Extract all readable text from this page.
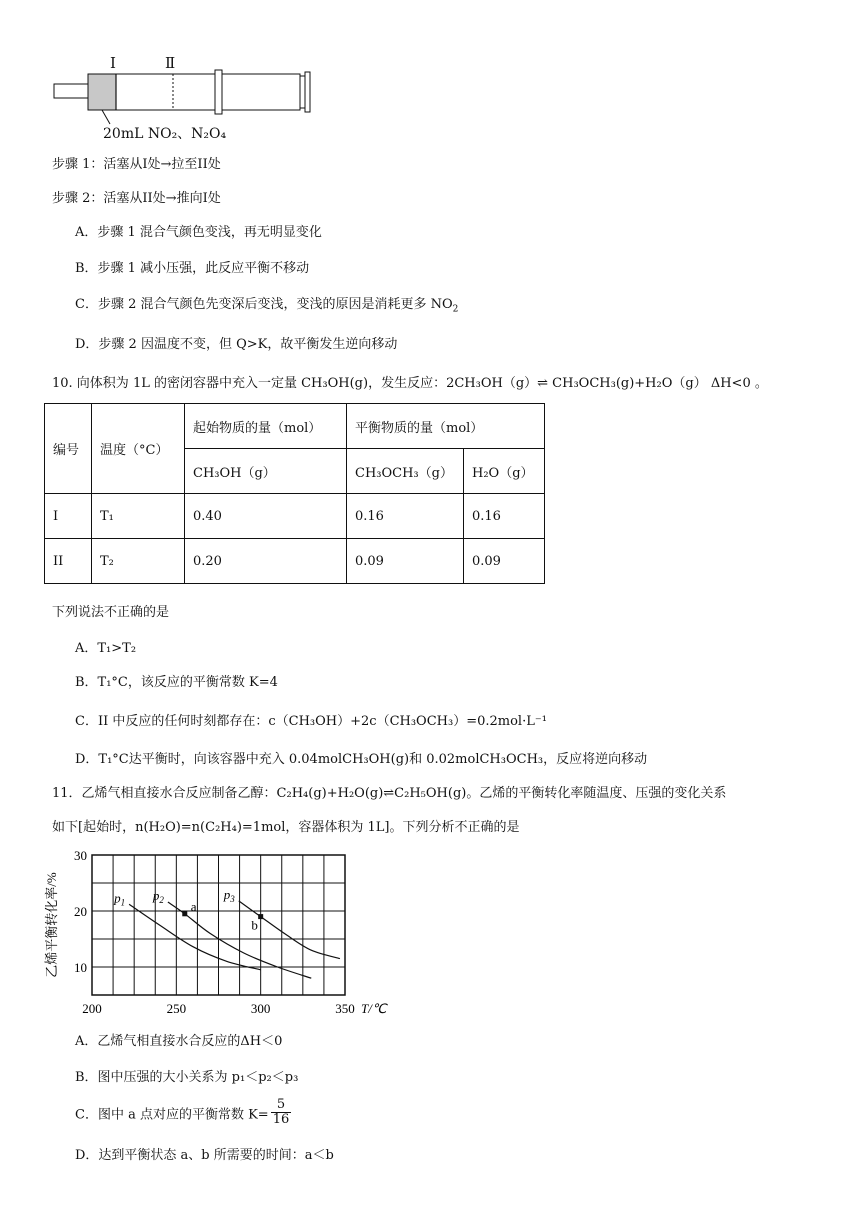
I	Ⅱ
20mL NO₂、N₂O₄
步骤 1：活塞从I处→拉至II处
步骤 2：活塞从II处→推向I处
A．步骤 1 混合气颜色变浅，再无明显变化
B．步骤 1 减小压强，此反应平衡不移动
C．步骤 2 混合气颜色先变深后变浅，变浅的原因是消耗更多 $NO_2$
D．步骤 2 因温度不变，但 Q>K，故平衡发生逆向移动
10. 向体积为 1L 的密闭容器中充入一定量 CH₃OH(g)，发生反应：2CH₃OH（g）⇌ CH₃OCH₃(g)+H₂O（g） ΔH<0 。
编号	温度（°C）	起始物质的量（mol）	平衡物质的量（mol）	
		CH₃OH（g）	CH₃OCH₃（g）	H₂O（g）
I	T₁	0.40	0.16	0.16
II	T₂	0.20	0.09	0.09
下列说法不正确的是
A．T₁>T₂
B．T₁°C，该反应的平衡常数 K=4
C．II 中反应的任何时刻都存在：c（CH₃OH）+2c（CH₃OCH₃）=0.2mol·L⁻¹
D．T₁°C达平衡时，向该容器中充入 0.04molCH₃OH(g)和 0.02molCH₃OCH₃，反应将逆向移动
11．乙烯气相直接水合反应制备乙醇：C₂H₄(g)+H₂O(g)⇌C₂H₅OH(g)。乙烯的平衡转化率随温度、压强的变化关系
如下[起始时，n(H₂O)=n(C₂H₄)=1mol，容器体积为 1L]。下列分析不正确的是
200	250	300	350
10
20
30
T/℃
乙烯平衡转化率/%	$p_1$ $p_2$	$p_3$
a
b
A．乙烯气相直接水合反应的ΔH＜0
B．图中压强的大小关系为 p₁＜p₂＜p₃
C．图中 a 点对应的平衡常数 $K= \frac{5}{16}$
D．达到平衡状态 a、b 所需要的时间：a＜b
